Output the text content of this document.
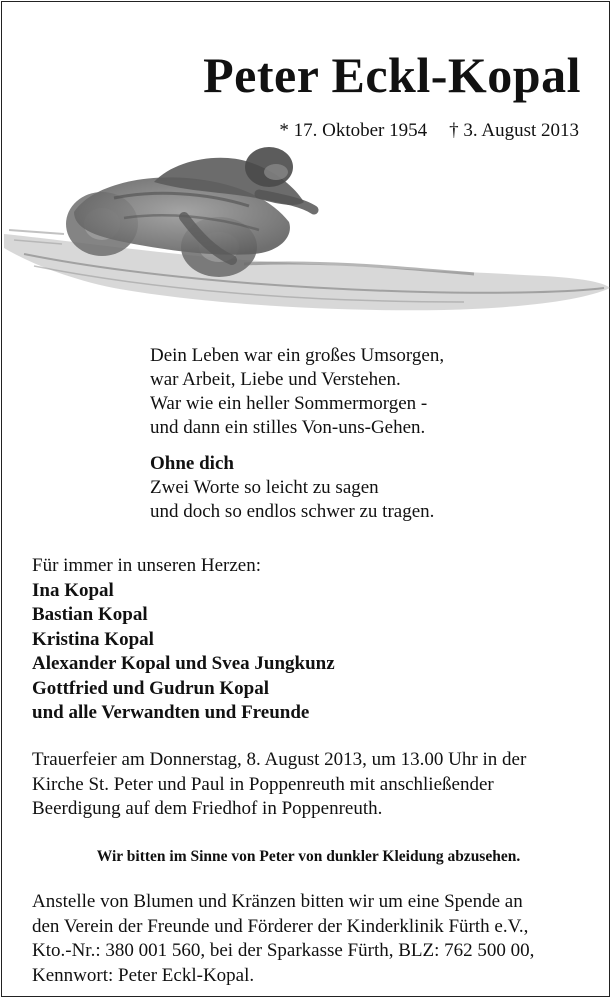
Peter Eckl-Kopal
* 17. Oktober 1954 † 3. August 2013
Dein Leben war ein großes Umsorgen,
war Arbeit, Liebe und Verstehen.
War wie ein heller Sommermorgen -
und dann ein stilles Von-uns-Gehen.
Ohne dich
Zwei Worte so leicht zu sagen
und doch so endlos schwer zu tragen.
Für immer in unseren Herzen:
Ina Kopal
Bastian Kopal
Kristina Kopal
Alexander Kopal und Svea Jungkunz
Gottfried und Gudrun Kopal
und alle Verwandten und Freunde
Trauerfeier am Donnerstag, 8. August 2013, um 13.00 Uhr in der
Kirche St. Peter und Paul in Poppenreuth mit anschließender
Beerdigung auf dem Friedhof in Poppenreuth.
Wir bitten im Sinne von Peter von dunkler Kleidung abzusehen.
Anstelle von Blumen und Kränzen bitten wir um eine Spende an
den Verein der Freunde und Förderer der Kinderklinik Fürth e.V.,
Kto.-Nr.: 380 001 560, bei der Sparkasse Fürth, BLZ: 762 500 00,
Kennwort: Peter Eckl-Kopal.
